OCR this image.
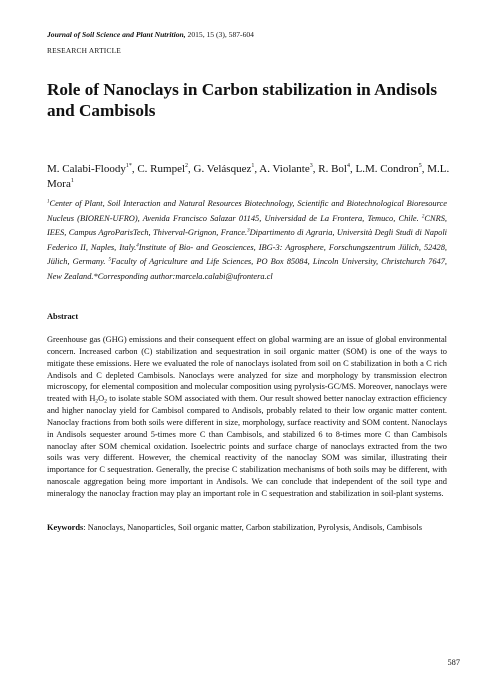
Journal of Soil Science and Plant Nutrition, 2015, 15 (3), 587-604
RESEARCH ARTICLE
Role of Nanoclays in Carbon stabilization in Andisols and Cambisols

M. Calabi-Floody$^{1*}$, C. Rumpel$^2$, G. Velásquez$^1$, A. Violante$^3$, R. Bol$^4$, L.M. Condron$^5$, M.L. Mora$^1$

$^1$Center of Plant, Soil Interaction and Natural Resources Biotechnology, Scientific and Biotechnological Bioresource Nucleus (BIOREN-UFRO), Avenida Francisco Salazar 01145, Universidad de La Frontera, Temuco, Chile. $^2$CNRS, IEES, Campus AgroParisTech, Thiverval-Grignon, France.$^3$Dipartimento di Agraria, Università Degli Studi di Napoli Federico II, Naples, Italy.$^4$Institute of Bio- and Geosciences, IBG-3: Agrosphere, Forschungszentrum Jülich, 52428, Jülich, Germany. $^5$Faculty of Agriculture and Life Sciences, PO Box 85084, Lincoln University, Christchurch 7647, New Zealand.*Corresponding author:marcela.calabi@ufrontera.cl

Abstract

Greenhouse gas (GHG) emissions and their consequent effect on global warming are an issue of global environmental concern. Increased carbon (C) stabilization and sequestration in soil organic matter (SOM) is one of the ways to mitigate these emissions. Here we evaluated the role of nanoclays isolated from soil on C stabilization in both a C rich Andisols and C depleted Cambisols. Nanoclays were analyzed for size and morphology by transmission electron microscopy, for elemental composition and molecular composition using pyrolysis-GC/MS. Moreover, nanoclays were treated with $H_2O_2$ to isolate stable SOM associated with them. Our result showed better nanoclay extraction efficiency and higher nanoclay yield for Cambisol compared to Andisols, probably related to their low organic matter content. Nanoclay fractions from both soils were different in size, morphology, surface reactivity and SOM content. Nanoclays in Andisols sequester around 5-times more C than Cambisols, and stabilized 6 to 8-times more C than Cambisols nanoclay after SOM chemical oxidation. Isoelectric points and surface charge of nanoclays extracted from the two soils was very different. However, the chemical reactivity of the nanoclay SOM was similar, illustrating their importance for C sequestration. Generally, the precise C stabilization mechanisms of both soils may be different, with nanoscale aggregation being more important in Andisols. We can conclude that independent of the soil type and mineralogy the nanoclay fraction may play an important role in C sequestration and stabilization in soil-plant systems.

Keywords: Nanoclays, Nanoparticles, Soil organic matter, Carbon stabilization, Pyrolysis, Andisols, Cambisols

587
